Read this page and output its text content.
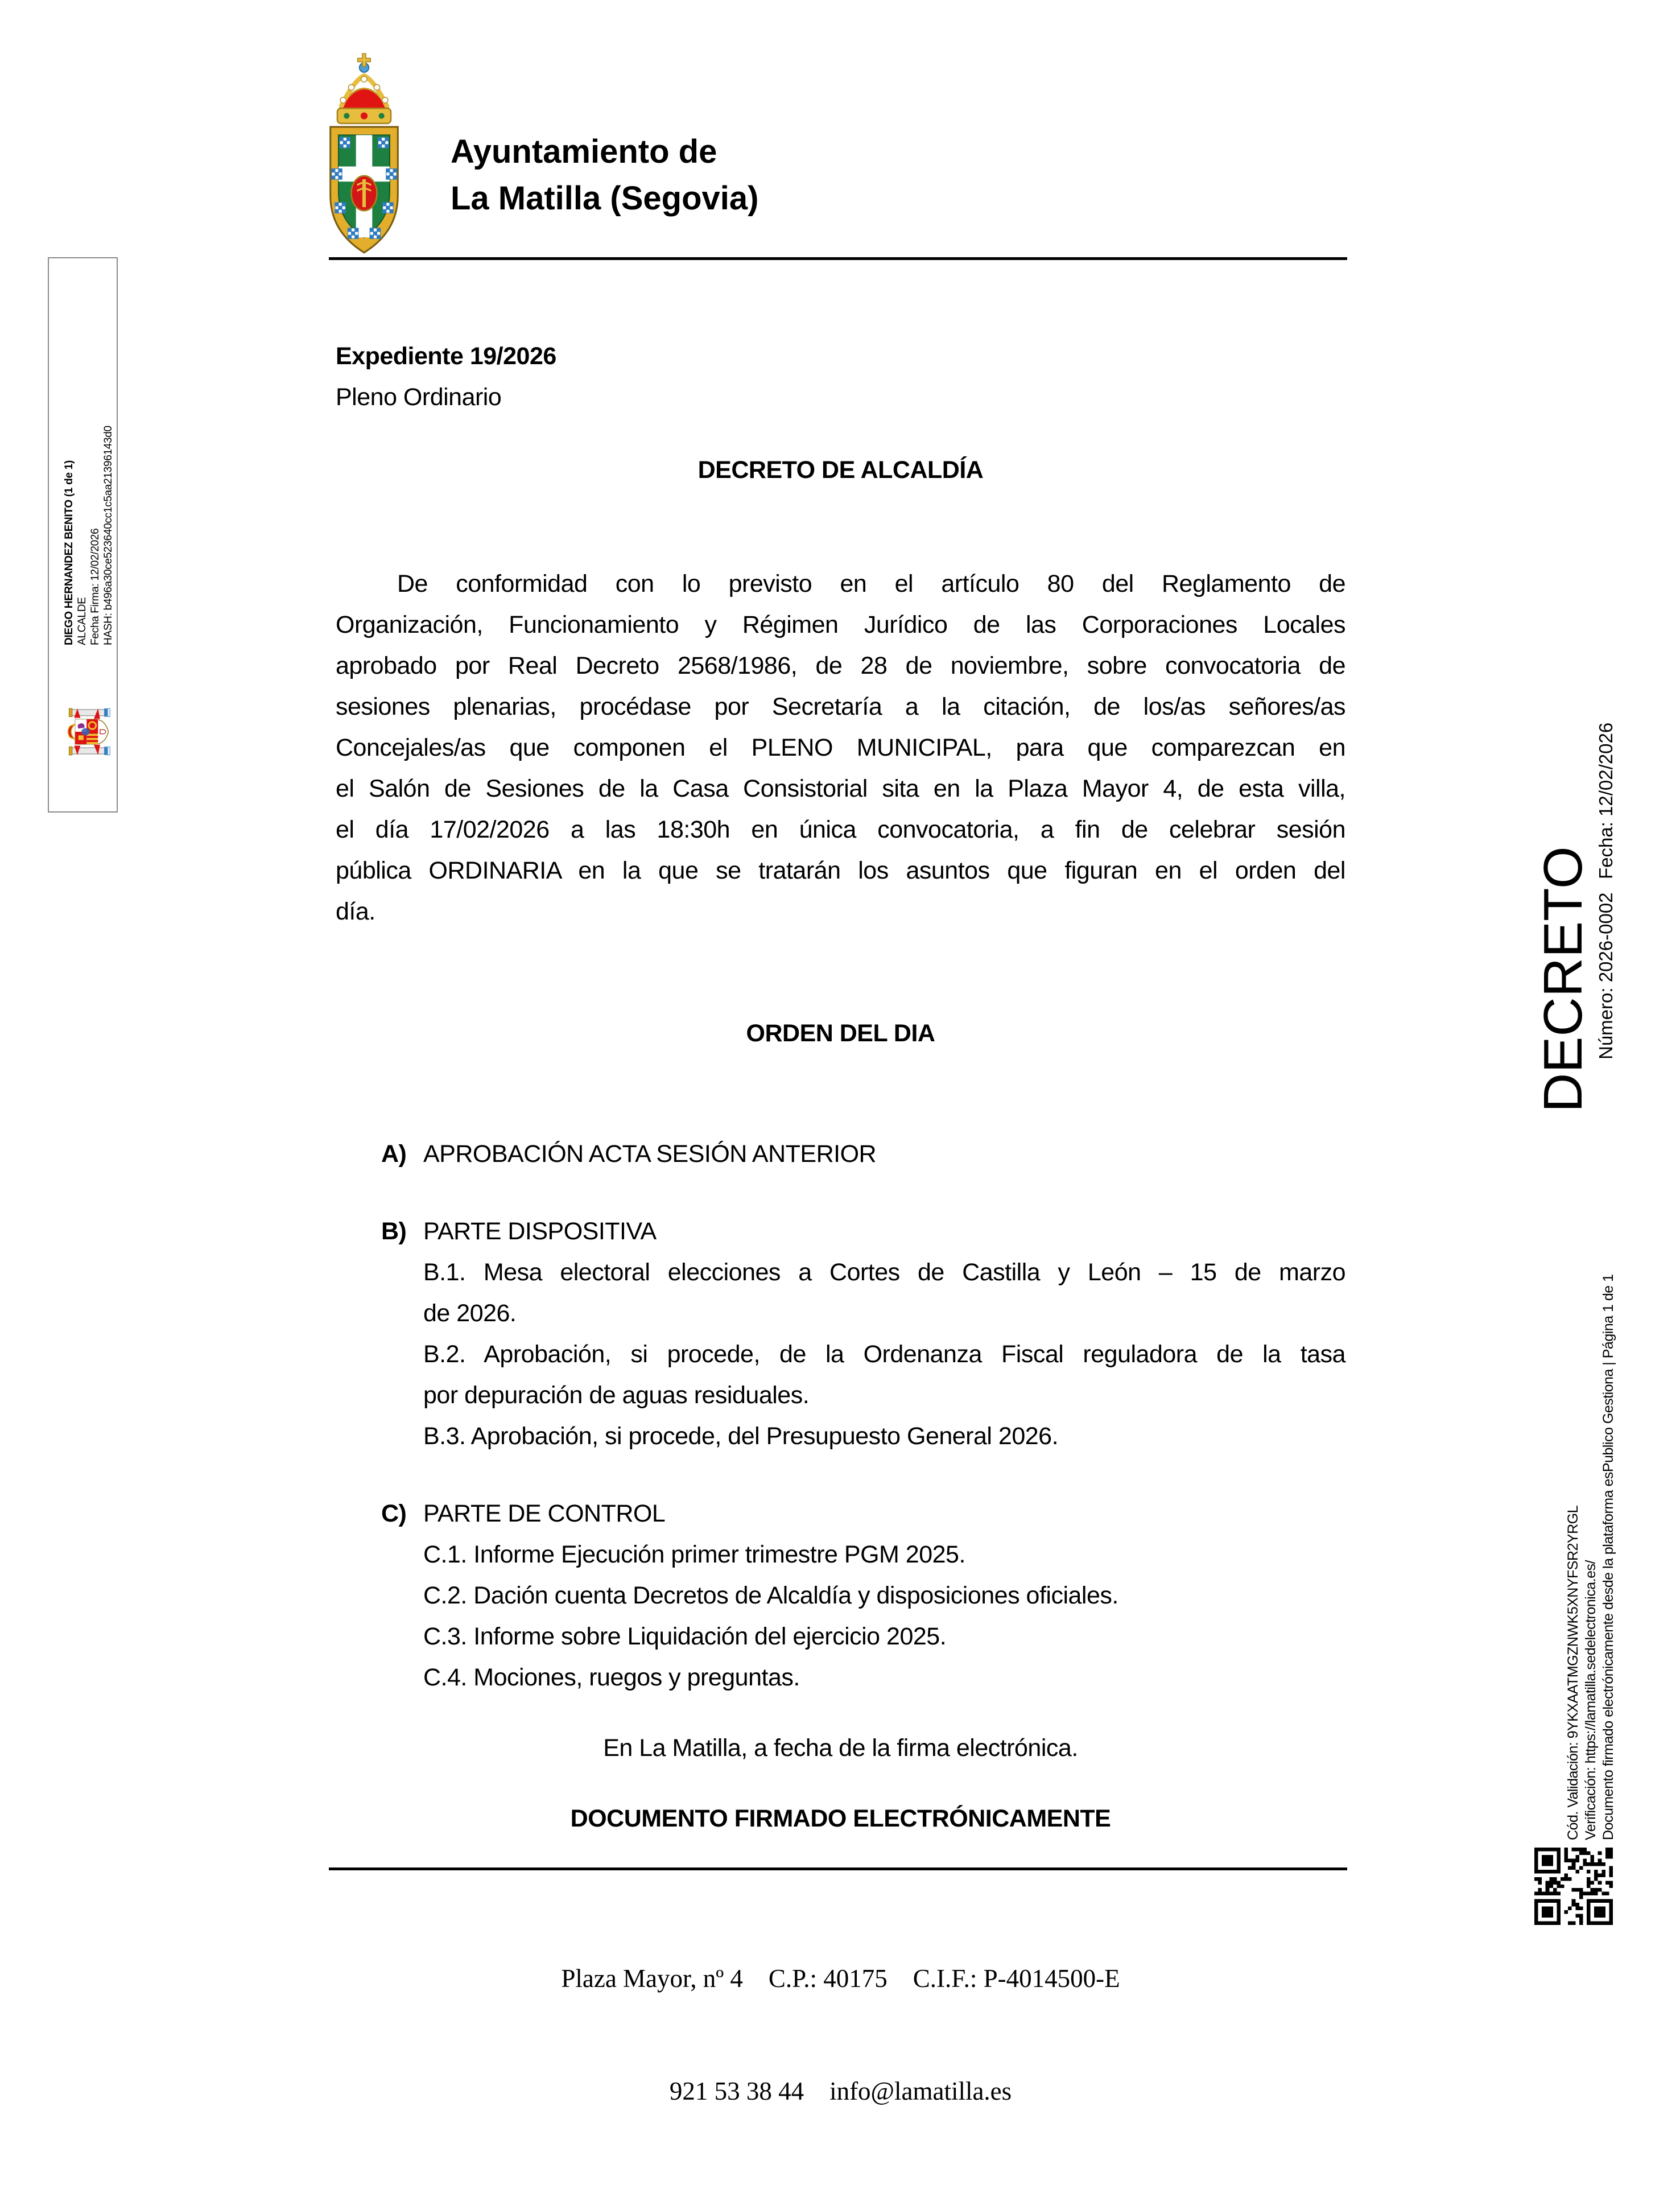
DIEGO HERNANDEZ BENITO (1 de 1) ALCALDE Fecha Firma: 12/02/2026 HASH: b496a30ce523640cc1c5aa21396143d0
Ayuntamiento de
La Matilla (Segovia)
Expediente 19/2026
Pleno Ordinario
DECRETO DE ALCALDÍA
De conformidad con lo previsto en el artículo 80 del Reglamento de
Organización, Funcionamiento y Régimen Jurídico de las Corporaciones Locales
aprobado por Real Decreto 2568/1986, de 28 de noviembre, sobre convocatoria de
sesiones plenarias, procédase por Secretaría a la citación, de los/as señores/as
Concejales/as que componen el PLENO MUNICIPAL, para que comparezcan en
el Salón de Sesiones de la Casa Consistorial sita en la Plaza Mayor 4, de esta villa,
el día 17/02/2026 a las 18:30h en única convocatoria, a fin de celebrar sesión
pública ORDINARIA en la que se tratarán los asuntos que figuran en el orden del
día.
ORDEN DEL DIA
A) APROBACIÓN ACTA SESIÓN ANTERIOR
B) PARTE DISPOSITIVA
B.1. Mesa electoral elecciones a Cortes de Castilla y León – 15 de marzo
de 2026.
B.2. Aprobación, si procede, de la Ordenanza Fiscal reguladora de la tasa
por depuración de aguas residuales.
B.3. Aprobación, si procede, del Presupuesto General 2026.
C) PARTE DE CONTROL
C.1. Informe Ejecución primer trimestre PGM 2025.
C.2. Dación cuenta Decretos de Alcaldía y disposiciones oficiales.
C.3. Informe sobre Liquidación del ejercicio 2025.
C.4. Mociones, ruegos y preguntas.
En La Matilla, a fecha de la firma electrónica.
DOCUMENTO FIRMADO ELECTRÓNICAMENTE

Plaza Mayor, nº 4    C.P.: 40175    C.I.F.: P-4014500-E

921 53 38 44    info@lamatilla.es

DECRETO Número: 2026-0002
Fecha: 12/02/2026
Cód. Validación: 9YKXAATMGZNWK5XNYFSR2YRGL Verificación: https://lamatilla.sedelectronica.es/ Documento firmado electrónicamente desde la plataforma esPublico Gestiona | Página 1 de 1
